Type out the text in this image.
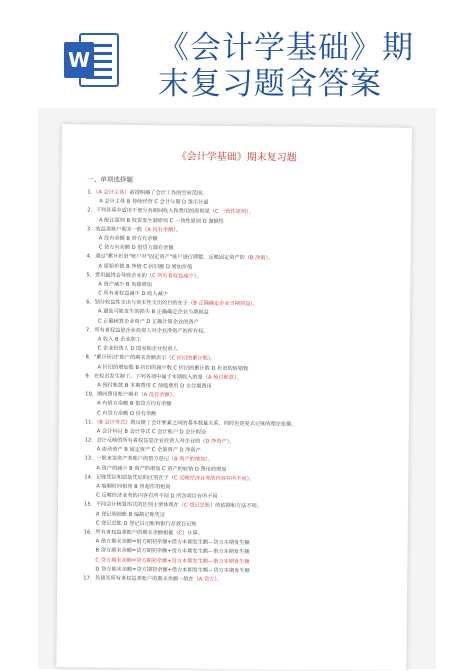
W 《会计学基础》期
末复习题含答案
《会计学基础》期末复习题
一、单项选择题
1．（A 会计主体）前提明确了会计工作的空间范围。
A 会计主体 B 持续经营 C 会计分期 D 货币计量
2．下列各项中适用于划分各期间收入和费用的原则是（C 一致性原则）。
A 配比原则 B 权责发生制原则 C 一致性原则 D 谨慎性
3．收益类账户期末一般（A 没有余额）。
A 没有余额 B 借方有余额
C 贷方有余额 D 借贷方都有余额
4．通过"累计折旧"账户对"固定资产"账户进行调整，反映固定资产的（B 净值）。
A 原始价值 B 净值 C 折旧额 D 增加价值
5．费用最终会导致企业的（C 所有者权益减少）。
A 资产减少 B 负债增加
C 所有者权益减少 D 收入减少
6．划分收益性支出与资本性支出的目的在于（B 正确确定企业当期损益）。
A 避免可能发生的损失 B 正确确定企业当期损益
C 正确核算企业资产 D 正确计算企业的资产
7．所有者权益是企业投资人对企业净资产的所有权。
A 收入 B 企业职工
C 企业投资人 D 国家和企业投资人
8．"累计折旧"账户的期末余额表示（C 折旧的累计数）。
A 折旧的增加数 B 折旧的减少数 C 折旧的累计数 D 折旧的转销数
9．在权责发生制下，下列各项中属于本期收入的是（A 预付账款）。
A 预付账款 B 本期费用 C 预提费用 D 支付期费用
10．期间费用账户期末（A 没有余额）。
A 有借方余额 B 借贷方均有余额
C 有贷方余额 D 没有余额
11．（B 会计等式）既反映了会计要素之间的基本数量关系，同时也是复式记账的理论依据。
A 会计科目 B 会计等式 C 会计账户 D 会计假设
12．会计反映的所有者权益是企业投资人对企业的（D 净资产）。
A 流动资产 B 固定资产 C 全部资产 D 净资产
13．一般来说资产类账户的借方登记（B 资产的增加）。
A 资产的减少 B 资产的增加 C 资产的转销 D 费用的增加
14．记账凭证和原始凭证的区别在于（C 反映经济业务的内容有所不同）。
A 编制时间相同 B 用起作用相同
C 反映经济业务的内容有所不同 D 所含项目有所不同
15．不同会计核算形式的区别主要体现在（C 登记总账）的依据和方法不同。
A 登记明细账 B 编制记账凭证
C 登记总账 D 登记日记账和银行存款日记账
16．所有者权益类账户的期末余额根据（C）计算。
A 借方期末余额=借方期初余额+借方本期发生额—贷方本期发生额
B 贷方期末余额=贷方期初余额+贷方本期发生额—借方本期发生额
C 贷方期末余额=贷方期初余额+贷方本期发生额—借方本期发生额
D 贷方期末余额=贷方期初余额+借方本期发生额—贷方本期发生额
17．负债及所有者权益类账户的期末余额一般在（A 贷方）。
